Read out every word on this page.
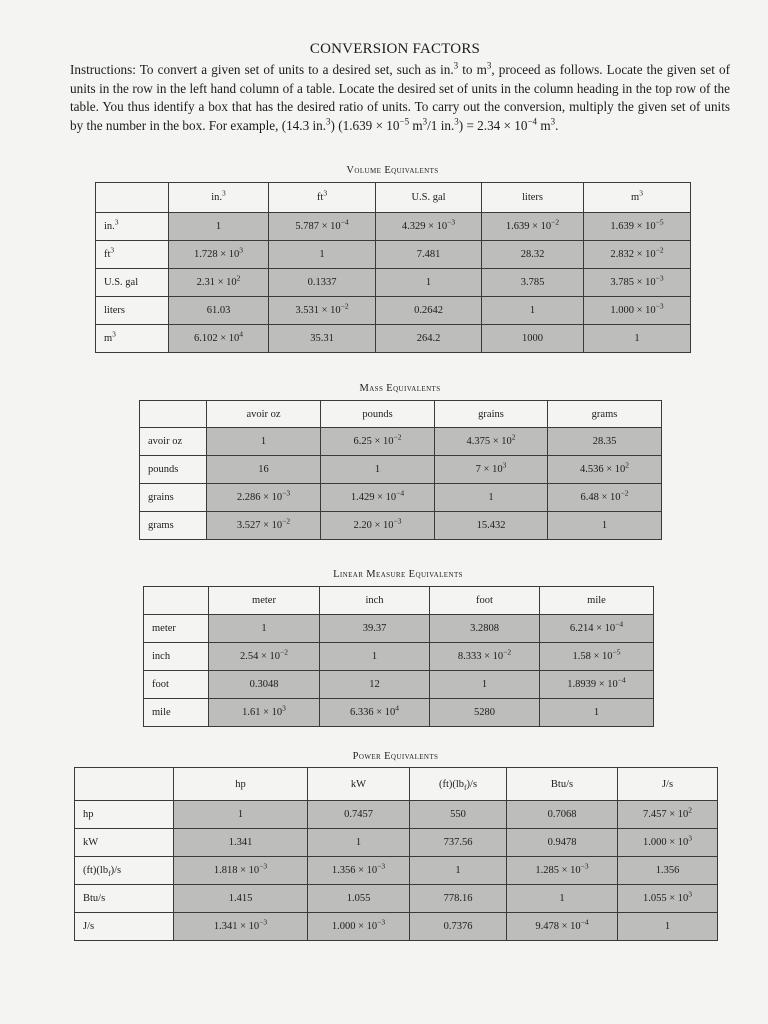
CONVERSION FACTORS
Instructions: To convert a given set of units to a desired set, such as in.$^3$ to $m^3$, proceed as follows. Locate the given set of units in the row in the left hand column of a table. Locate the desired set of units in the column heading in the top row of the table. You thus identify a box that has the desired ratio of units. To carry out the conversion, multiply the given set of units by the number in the box. For example, (14.3 in.$^3$) ($1.639 \times 10^{-5}$ $m^3/1$ $in.^3) = 2.34 \times 10^{-4}$ $m^3$.
Volume Equivalents
	in.$^3$	$ft^3$	U.S. gal	liters	$m^3$
in.$^3$	1	$5.787 \times 10^{-4}$	$4.329 \times 10^{-3}$	$1.639 \times 10^{-2}$	$1.639 \times 10^{-5}$
$ft^3$	$1.728 \times 10^3$	1	7.481	28.32	$2.832 \times 10^{-2}$
U.S. gal	$2.31 \times 10^2$	0.1337	1	3.785	$3.785 \times 10^{-3}$
liters	61.03	$3.531 \times 10^{-2}$	0.2642	1	$1.000 \times 10^{-3}$
$m^3$	$6.102 \times 10^4$	35.31	264.2	1000	1
Mass Equivalents
	avoir oz	pounds	grains	grams
avoir oz	1	$6.25 \times 10^{-2}$	$4.375 \times 10^2$	28.35
pounds	16	1	$7 \times 10^3$	$4.536 \times 10^2$
grains	$2.286 \times 10^{-3}$	$1.429 \times 10^{-4}$	1	$6.48 \times 10^{-2}$
grams	$3.527 \times 10^{-2}$	$2.20 \times 10^{-3}$	15.432	1
Linear Measure Equivalents
	meter	inch	foot	mile
meter	1	39.37	3.2808	$6.214 \times 10^{-4}$
inch	$2.54 \times 10^{-2}$	1	$8.333 \times 10^{-2}$	$1.58 \times 10^{-5}$
foot	0.3048	12	1	$1.8939 \times 10^{-4}$
mile	$1.61 \times 10^3$	$6.336 \times 10^4$	5280	1
Power Equivalents
	hp	kW	$(ft)(lb_f)/s$	Btu/s	J/s
hp	1	0.7457	550	0.7068	$7.457 \times 10^2$
kW	1.341	1	737.56	0.9478	$1.000 \times 10^3$
$(ft)(lb_f)/s$	$1.818 \times 10^{-3}$	$1.356 \times 10^{-3}$	1	$1.285 \times 10^{-3}$	1.356
Btu/s	1.415	1.055	778.16	1	$1.055 \times 10^3$
J/s	$1.341 \times 10^{-3}$	$1.000 \times 10^{-3}$	0.7376	$9.478 \times 10^{-4}$	1
